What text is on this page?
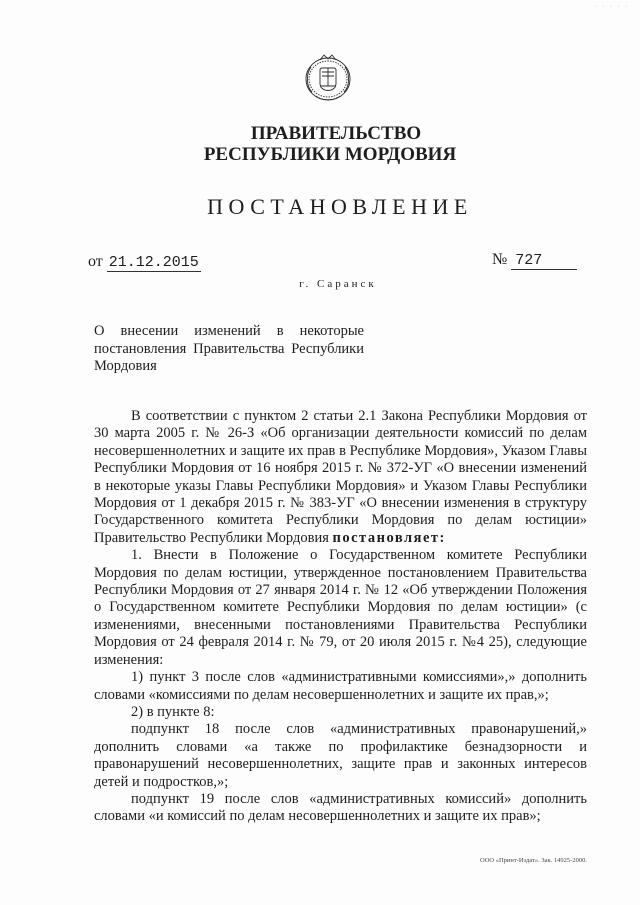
· · · · ·
ПРАВИТЕЛЬСТВО
РЕСПУБЛИКИ МОРДОВИЯ
ПОСТАНОВЛЕНИЕ
от 21.12.2015	№ 727
г. Саранск
О внесении изменений в некоторые постановления Правительства Республики Мордовия

В соответствии с пунктом 2 статьи 2.1 Закона Республики Мордовия от 30 марта 2005 г. № 26-З «Об организации деятельности комиссий по делам несовершеннолетних и защите их прав в Республике Мордовия», Указом Главы Республики Мордовия от 16 ноября 2015 г. № 372-УГ «О внесении изменений в некоторые указы Главы Республики Мордовия» и Указом Главы Республики Мордовия от 1 декабря 2015 г. № 383-УГ «О внесении изменения в структуру Государственного комитета Республики Мордовия по делам юстиции» Правительство Республики Мордовия постановляет:

1. Внести в Положение о Государственном комитете Республики Мордовия по делам юстиции, утвержденное постановлением Правительства Республики Мордовия от 27 января 2014 г. № 12 «Об утверждении Положения о Государственном комитете Республики Мордовия по делам юстиции» (с изменениями, внесенными постановлениями Правительства Республики Мордовия от 24 февраля 2014 г. № 79, от 20 июля 2015 г. №4 25), следующие изменения:

1) пункт 3 после слов «административными комиссиями»,» дополнить словами «комиссиями по делам несовершеннолетних и защите их прав,»;

2) в пункте 8:

подпункт 18 после слов «административных правонарушений,» дополнить словами «а также по профилактике безнадзорности и правонарушений несовершеннолетних, защите прав и законных интересов детей и подростков,»;

подпункт 19 после слов «административных комиссий» дополнить словами «и комиссий по делам несовершеннолетних и защите их прав»;

ООО «Принт-Издат». Зак. 14925-2000.
